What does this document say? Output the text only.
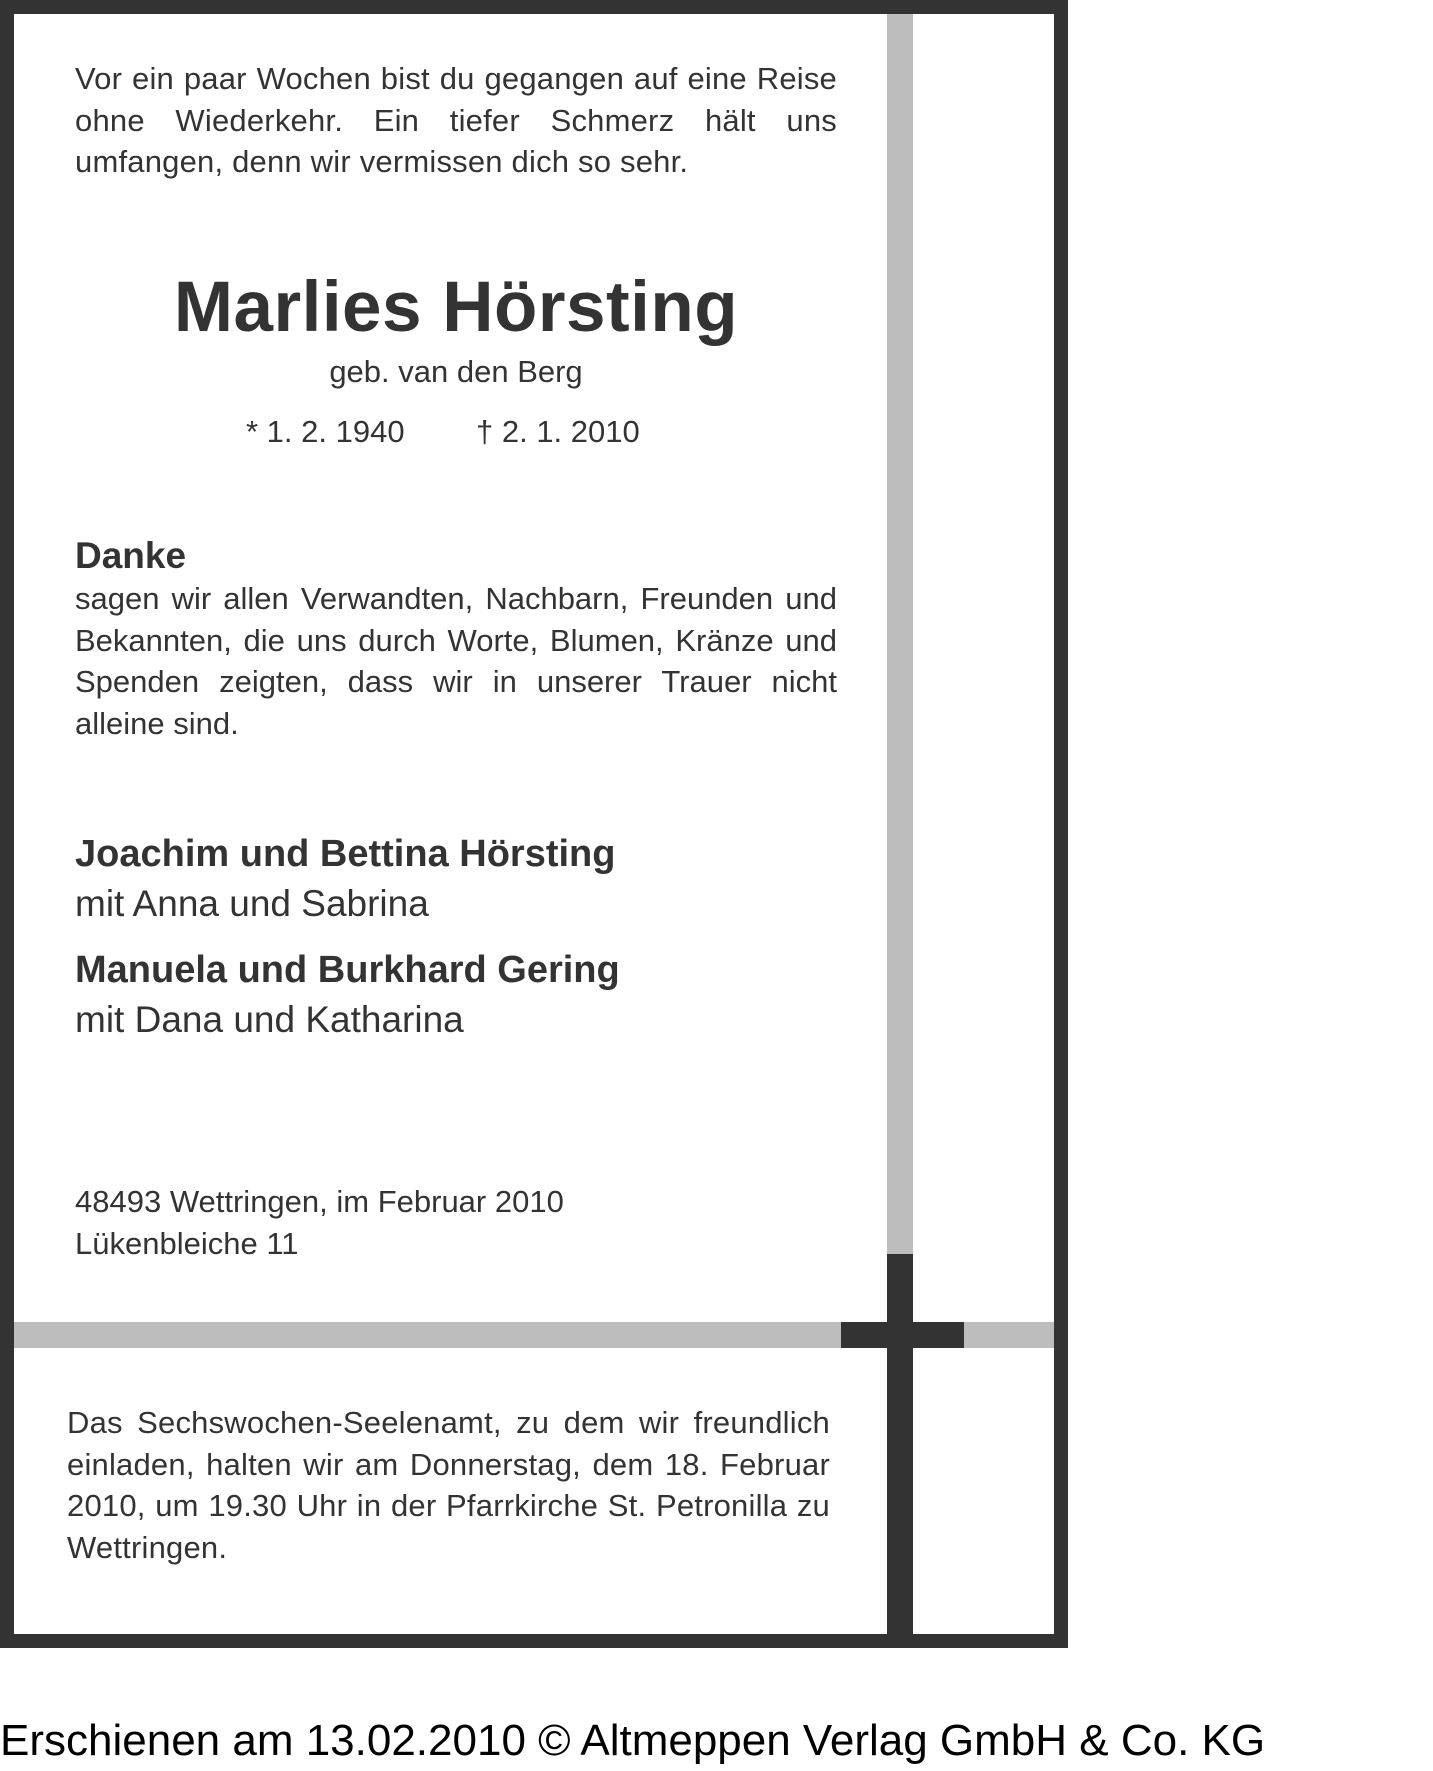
Vor ein paar Wochen bist du gegangen auf eine Reise ohne Wiederkehr. Ein tiefer Schmerz hält uns umfangen, denn wir vermissen dich so sehr.

Marlies Hörsting
geb. van den Berg
* 1. 2. 1940 † 2. 1. 2010
Danke

sagen wir allen Verwandten, Nachbarn, Freunden und Bekannten, die uns durch Worte, Blumen, Kränze und Spenden zeigten, dass wir in unserer Trauer nicht alleine sind.

Joachim und Bettina Hörsting
mit Anna und Sabrina
Manuela und Burkhard Gering
mit Dana und Katharina
48493 Wettringen, im Februar 2010
Lükenbleiche 11

Das Sechswochen-Seelenamt, zu dem wir freundlich einladen, halten wir am Donnerstag, dem 18. Februar 2010, um 19.30 Uhr in der Pfarrkirche St. Petronilla zu Wettringen.

Erschienen am 13.02.2010 © Altmeppen Verlag GmbH & Co. KG
